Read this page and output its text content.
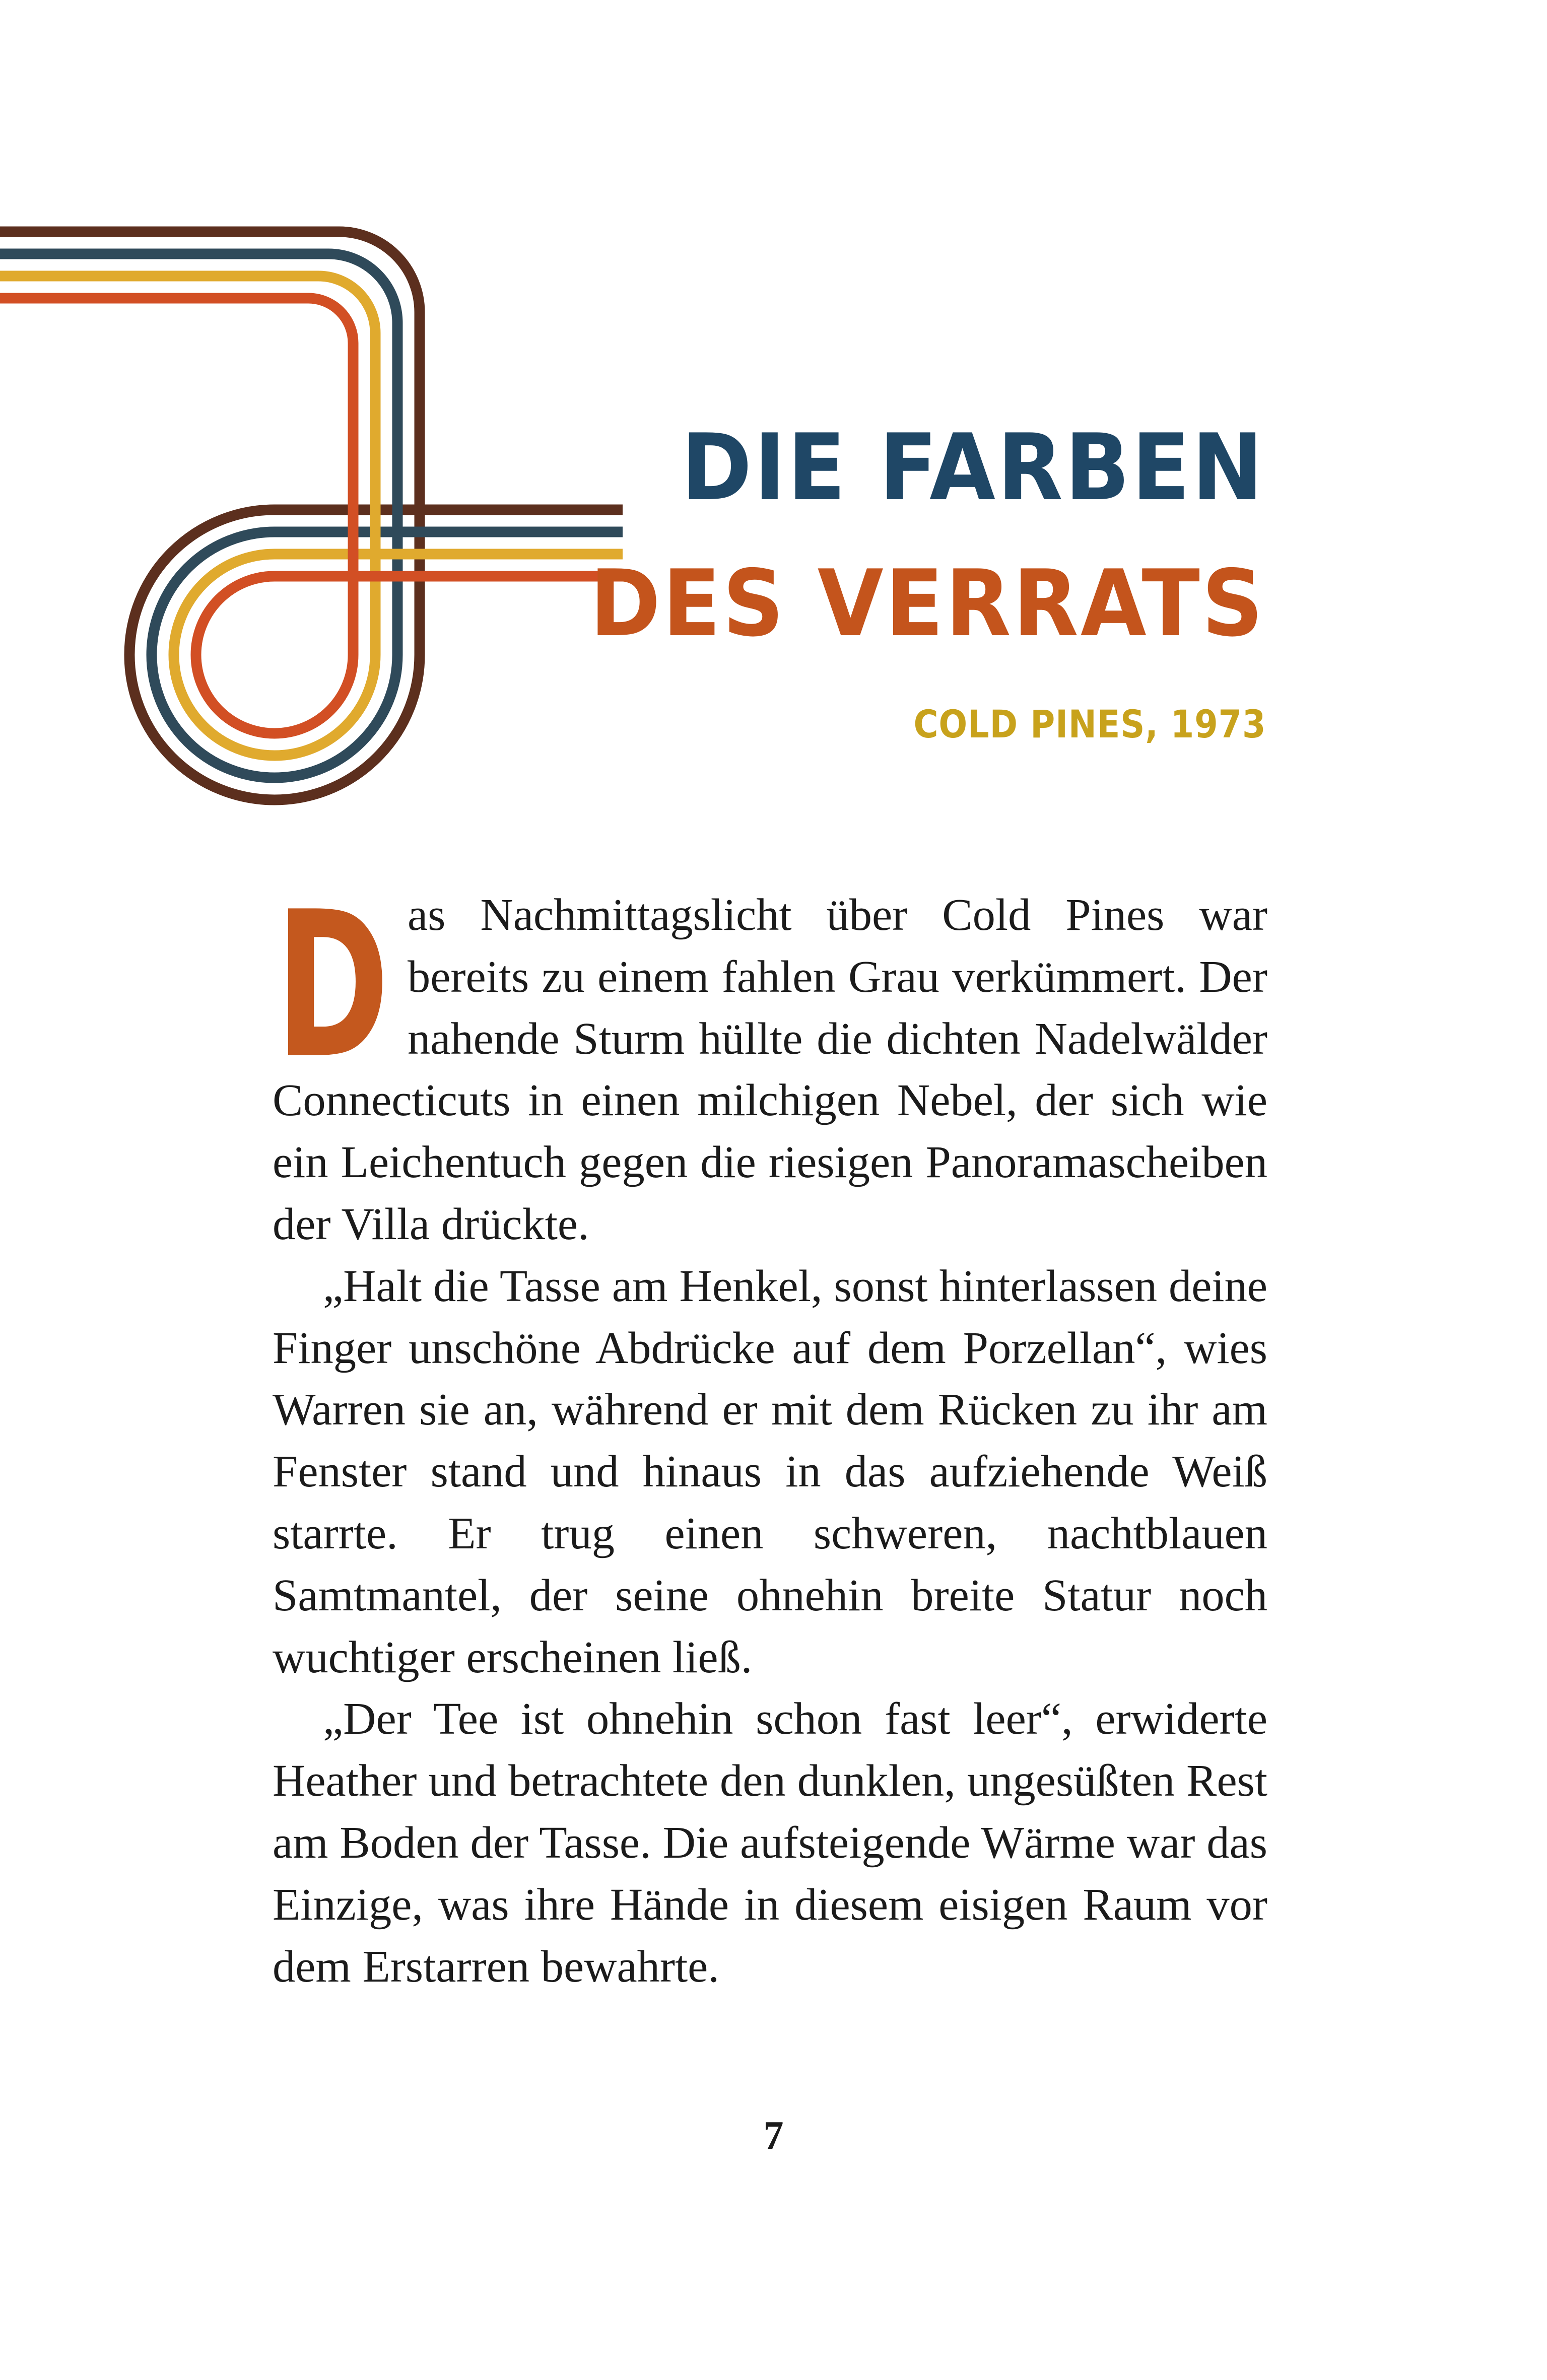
DIE FARBEN
DES VERRATS
COLD PINES, 1973
D as Nachmittagslicht über Cold Pines war bereits zu einem fahlen Grau verkümmert. Der nahende Sturm hüllte die dichten Nadelwälder Connecticuts in einen milchigen Nebel, der sich wie ein Leichentuch gegen die riesigen Panoramascheiben der Villa drückte.

„Halt die Tasse am Henkel, sonst hinterlassen deine Finger unschöne Abdrücke auf dem Porzellan“, wies Warren sie an, während er mit dem Rücken zu ihr am Fenster stand und hinaus in das aufziehende Weiß starrte. Er trug einen schweren, nachtblauen Samtmantel, der seine ohnehin breite Statur noch wuchtiger erscheinen ließ.

„Der Tee ist ohnehin schon fast leer“, erwiderte Heather und betrachtete den dunklen, ungesüßten Rest am Boden der Tasse. Die aufsteigende Wärme war das Einzige, was ihre Hände in diesem eisigen Raum vor dem Erstarren bewahrte.

7
